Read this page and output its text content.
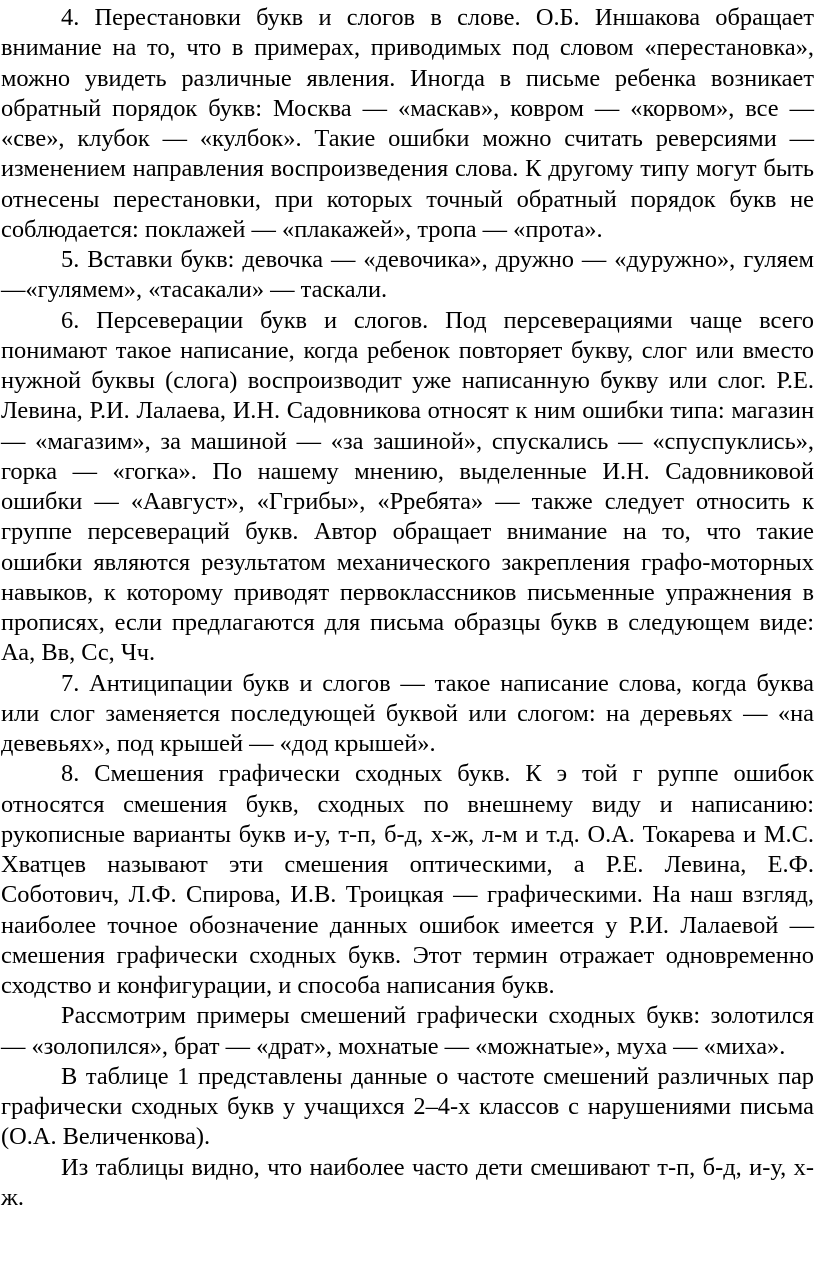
4. Перестановки букв и слогов в слове. О.Б. Иншакова обращает внимание на то, что в примерах, приводимых под словом «перестановка», можно увидеть различные явления. Иногда в письме ребенка возникает обратный порядок букв: Москва — «маскав», ковром — «корвом», все — «све», клубок — «кулбок». Такие ошибки можно считать реверсиями — изменением направления воспроизведения слова. К другому типу могут быть отнесены перестановки, при которых точный обратный порядок букв не соблюдается: поклажей — «плакажей», тропа — «прота».

5. Вставки букв: девочка — «девочика», дружно — «дуружно», гуляем —«гулямем», «тасакали» — таскали.

6. Персеверации букв и слогов. Под персеверациями чаще всего понимают такое написание, когда ребенок повторяет букву, слог или вместо нужной буквы (слога) воспроизводит уже написанную букву или слог. Р.Е. Левина, Р.И. Лалаева, И.Н. Садовникова относят к ним ошибки типа: магазин — «магазим», за машиной — «за зашиной», спускались — «спуспуклись», горка — «гогка». По нашему мнению, выделенные И.Н. Садовниковой ошибки — «Аавгуст», «Ггрибы», «Рребята» — также следует относить к группе персевераций букв. Автор обращает внимание на то, что такие ошибки являются результатом механического закрепления графо-моторных навыков, к которому приводят первоклассников письменные упражнения в прописях, если предлагаются для письма образцы букв в следующем виде: Аа, Вв, Сс, Чч.

7. Антиципации букв и слогов — такое написание слова, когда буква или слог заменяется последующей буквой или слогом: на деревьях — «на девевьях», под крышей — «дод крышей».

8. Смешения графически сходных букв. К э той г руппе ошибок относятся смешения букв, сходных по внешнему виду и написанию: рукописные варианты букв и-у, т-п, б-д, х-ж, л-м и т.д. О.А. Токарева и М.С. Хватцев называют эти смешения оптическими, а Р.Е. Левина, Е.Ф. Соботович, Л.Ф. Спирова, И.В. Троицкая — графическими. На наш взгляд, наиболее точное обозначение данных ошибок имеется у Р.И. Лалаевой — смешения графически сходных букв. Этот термин отражает одновременно сходство и конфигурации, и способа написания букв.

Рассмотрим примеры смешений графически сходных букв: золотился — «золопился», брат — «драт», мохнатые — «можнатые», муха — «миха».

В таблице 1 представлены данные о частоте смешений различных пар графически сходных букв у учащихся 2–4-х классов с нарушениями письма (О.А. Величенкова).

Из таблицы видно, что наиболее часто дети смешивают т-п, б-д, и-у, х-ж.
